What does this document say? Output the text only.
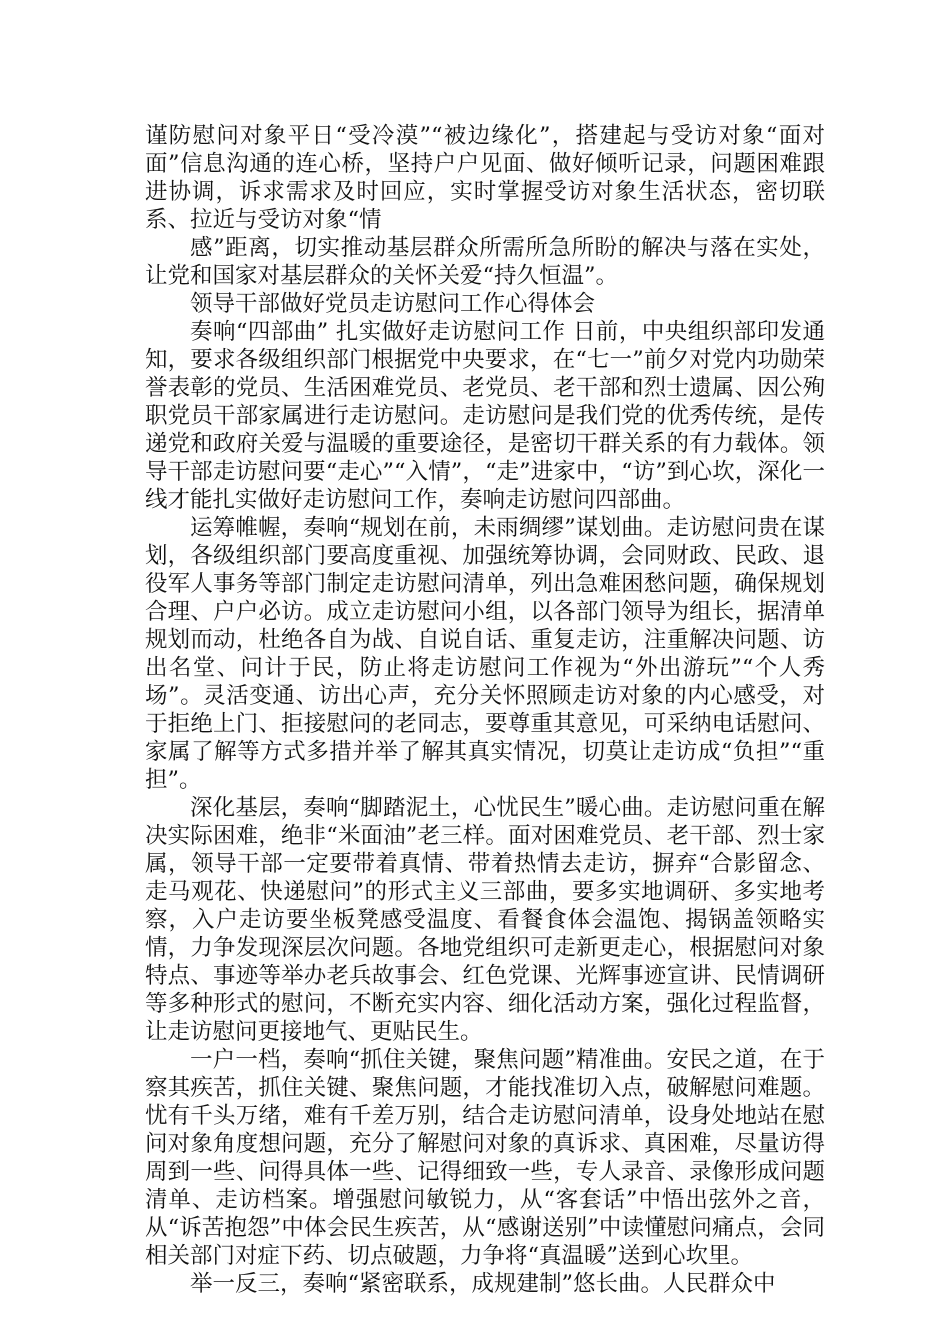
谨防慰问对象平日“受冷漠”“被边缘化”，搭建起与受访对象“面对面”信息沟通的连心桥，坚持户户见面、做好倾听记录，问题困难跟进协调，诉求需求及时回应，实时掌握受访对象生活状态，密切联系、拉近与受访对象“情

感”距离，切实推动基层群众所需所急所盼的解决与落在实处，让党和国家对基层群众的关怀关爱“持久恒温”。

领导干部做好党员走访慰问工作心得体会

奏响“四部曲” 扎实做好走访慰问工作 日前，中央组织部印发通知，要求各级组织部门根据党中央要求，在“七一”前夕对党内功勋荣誉表彰的党员、生活困难党员、老党员、老干部和烈士遗属、因公殉职党员干部家属进行走访慰问。走访慰问是我们党的优秀传统，是传递党和政府关爱与温暖的重要途径，是密切干群关系的有力载体。领导干部走访慰问要“走心”“入情”，“走”进家中，“访”到心坎，深化一线才能扎实做好走访慰问工作，奏响走访慰问四部曲。

运筹帷幄，奏响“规划在前，未雨绸缪”谋划曲。走访慰问贵在谋划，各级组织部门要高度重视、加强统筹协调，会同财政、民政、退役军人事务等部门制定走访慰问清单，列出急难困愁问题，确保规划合理、户户必访。成立走访慰问小组，以各部门领导为组长，据清单规划而动，杜绝各自为战、自说自话、重复走访，注重解决问题、访出名堂、问计于民，防止将走访慰问工作视为“外出游玩”“个人秀场”。灵活变通、访出心声，充分关怀照顾走访对象的内心感受，对于拒绝上门、拒接慰问的老同志，要尊重其意见，可采纳电话慰问、家属了解等方式多措并举了解其真实情况，切莫让走访成“负担”“重担”。

深化基层，奏响“脚踏泥土，心忧民生”暖心曲。走访慰问重在解决实际困难，绝非“米面油”老三样。面对困难党员、老干部、烈士家属，领导干部一定要带着真情、带着热情去走访，摒弃“合影留念、走马观花、快递慰问”的形式主义三部曲，要多实地调研、多实地考察，入户走访要坐板凳感受温度、看餐食体会温饱、揭锅盖领略实情，力争发现深层次问题。各地党组织可走新更走心，根据慰问对象特点、事迹等举办老兵故事会、红色党课、光辉事迹宣讲、民情调研等多种形式的慰问，不断充实内容、细化活动方案，强化过程监督，让走访慰问更接地气、更贴民生。

一户一档，奏响“抓住关键，聚焦问题”精准曲。安民之道，在于察其疾苦，抓住关键、聚焦问题，才能找准切入点，破解慰问难题。忧有千头万绪，难有千差万别，结合走访慰问清单，设身处地站在慰问对象角度想问题，充分了解慰问对象的真诉求、真困难，尽量访得周到一些、问得具体一些、记得细致一些，专人录音、录像形成问题清单、走访档案。增强慰问敏锐力，从“客套话”中悟出弦外之音，从“诉苦抱怨”中体会民生疾苦，从“感谢送别”中读懂慰问痛点，会同相关部门对症下药、切点破题，力争将“真温暖”送到心坎里。

举一反三，奏响“紧密联系，成规建制”悠长曲。人民群众中
